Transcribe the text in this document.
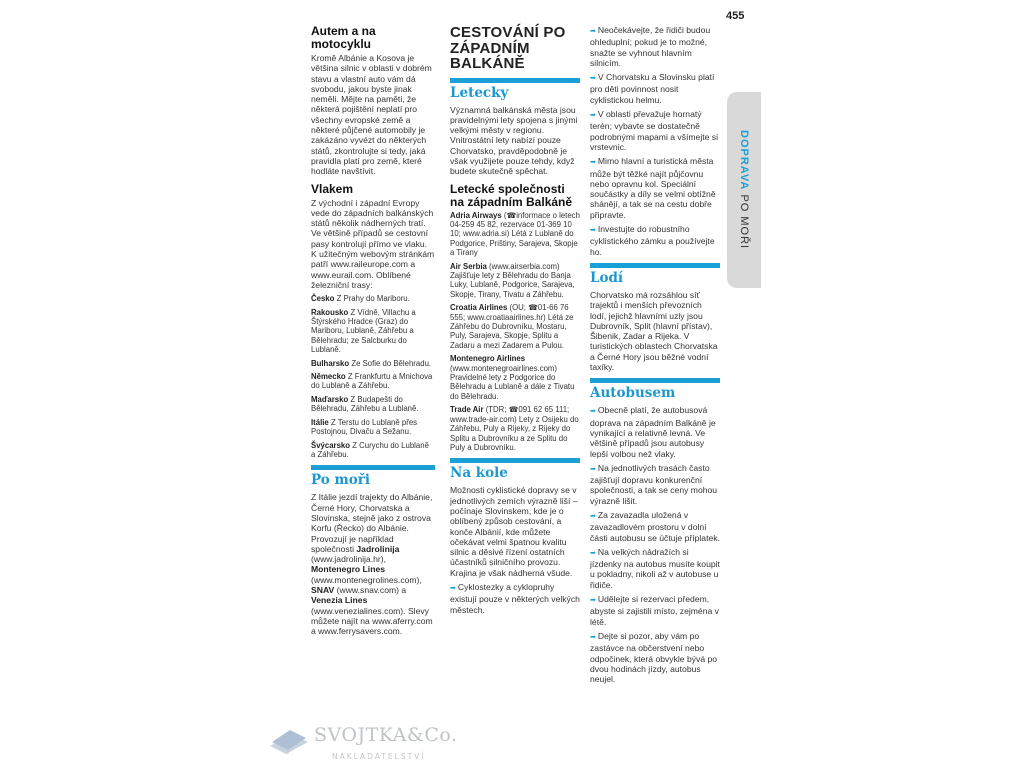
455
DOPRAVA PO MOŘI
Autem a na motocyklu
Kromě Albánie a Kosova je většina silnic v oblasti v dobrém stavu a vlastní auto vám dá svobodu, jakou byste jinak neměli. Mějte na paměti, že některá pojištění neplatí pro všechny evropské země a některé půjčené automobily je zakázáno vyvézt do některých států, zkontrolujte si tedy, jaká pravidla platí pro země, které hodláte navštívit.
Vlakem
Z východní i západní Evropy vede do západních balkánských států několik nádherných tratí. Ve většině případů se cestovní pasy kontrolují přímo ve vlaku. K užitečným webovým stránkám patří www.raileurope.com a www.eurail.com. Oblíbené železniční trasy:
Česko Z Prahy do Mariboru.
Rakousko Z Vídně, Villachu a Štýrského Hradce (Graz) do Mariboru, Lublaně, Záhřebu a Bělehradu; ze Salcburku do Lublaně.
Bulharsko Ze Sofie do Bělehradu.
Německo Z Frankfurtu a Mnichova do Lublaně a Záhřebu.
Maďarsko Z Budapešti do Bělehradu, Záhřebu a Lublaně.
Itálie Z Terstu do Lublaně přes Postojnou, Divaču a Sežanu.
Švýcarsko Z Curychu do Lublaně a Záhřebu.
Po moři
Z Itálie jezdí trajekty do Albánie, Černé Hory, Chorvatska a Slovinska, stejně jako z ostrova Korfu (Řecko) do Albánie. Provozují je například společnosti Jadrolinija (www.jadrolinija.hr), Montenegro Lines (www.montenegrolines.com), SNAV (www.snav.com) a Venezia Lines (www.venezialines.com). Slevy můžete najít na www.aferry.com a www.ferrysavers.com.
CESTOVÁNÍ PO ZÁPADNÍM BALKÁNĚ
Letecky
Významná balkánská města jsou pravidelnými lety spojena s jinými velkými městy v regionu. Vnitrostátní lety nabízí pouze Chorvatsko, pravděpodobně je však využijete pouze tehdy, když budete skutečně spěchat.
Letecké společnosti na západním Balkáně
Adria Airways (☎informace o letech 04-259 45 82, rezervace 01-369 10 10; www.adria.si) Létá z Lublaně do Podgorice, Prištiny, Sarajeva, Skopje a Tirany
Air Serbia (www.airserbia.com) Zajišťuje lety z Bělehradu do Banja Luky, Lublaně, Podgorice, Sarajeva, Skopje, Tirany, Tivatu a Záhřebu.
Croatia Airlines (OU; ☎01-66 76 555; www.croatiaairlines.hr) Létá ze Záhřebu do Dubrovníku, Mostaru, Puly, Sarajeva, Skopje, Splitu a Zadaru a mezi Zadarem a Pulou.
Montenegro Airlines (www.montenegroairlines.com) Pravidelné lety z Podgorice do Bělehradu a Lublaně a dále z Tivatu do Bělehradu.
Trade Air (TDR; ☎091 62 65 111; www.trade-air.com) Lety z Osijeku do Záhřebu, Puly a Rijeky, z Rijeky do Splitu a Dubrovníku a ze Splitu do Puly a Dubrovníku.
Na kole
Možnosti cyklistické dopravy se v jednotlivých zemích výrazně liší – počínaje Slovinskem, kde je o oblíbený způsob cestování, a konče Albánií, kde můžete očekávat velmi špatnou kvalitu silnic a děsivé řízení ostatních účastníků silničního provozu. Krajina je však nádherná všude.
➡ Cyklostezky a cyklopruhy existují pouze v některých velkých městech.
➡ Neočekávejte, že řidiči budou ohleduplní; pokud je to možné, snažte se vyhnout hlavním silnicím.
➡ V Chorvatsku a Slovinsku platí pro děti povinnost nosit cyklistickou helmu.
➡ V oblasti převažuje hornatý terén; vybavte se dostatečně podrobnými mapami a všímejte si vrstevnic.
➡ Mimo hlavní a turistická města může být těžké najít půjčovnu nebo opravnu kol. Speciální součástky a díly se velmi obtížně shánějí, a tak se na cestu dobře připravte.
➡ Investujte do robustního cyklistického zámku a používejte ho.
Lodí
Chorvatsko má rozsáhlou síť trajektů i menších převozních lodí, jejichž hlavními uzly jsou Dubrovník, Split (hlavní přístav), Šibenik, Zadar a Rijeka. V turistických oblastech Chorvatska a Černé Hory jsou běžné vodní taxíky.
Autobusem
➡ Obecně platí, že autobusová doprava na západním Balkáně je vynikající a relativně levná. Ve většině případů jsou autobusy lepší volbou než vlaky.
➡ Na jednotlivých trasách často zajišťují dopravu konkurenční společnosti, a tak se ceny mohou výrazně lišit.
➡ Za zavazadla uložená v zavazadlovém prostoru v dolní části autobusu se účtuje příplatek.
➡ Na velkých nádražích si jízdenky na autobus musíte koupit u pokladny, nikoli až v autobuse u řidiče.
➡ Udělejte si rezervaci předem, abyste si zajistili místo, zejména v létě.
➡ Dejte si pozor, aby vám po zastávce na občerstvení nebo odpočinek, která obvykle bývá po dvou hodinách jízdy, autobus neujel.
SVOJTKA&Co.
NAKLADATELSTVÍ
